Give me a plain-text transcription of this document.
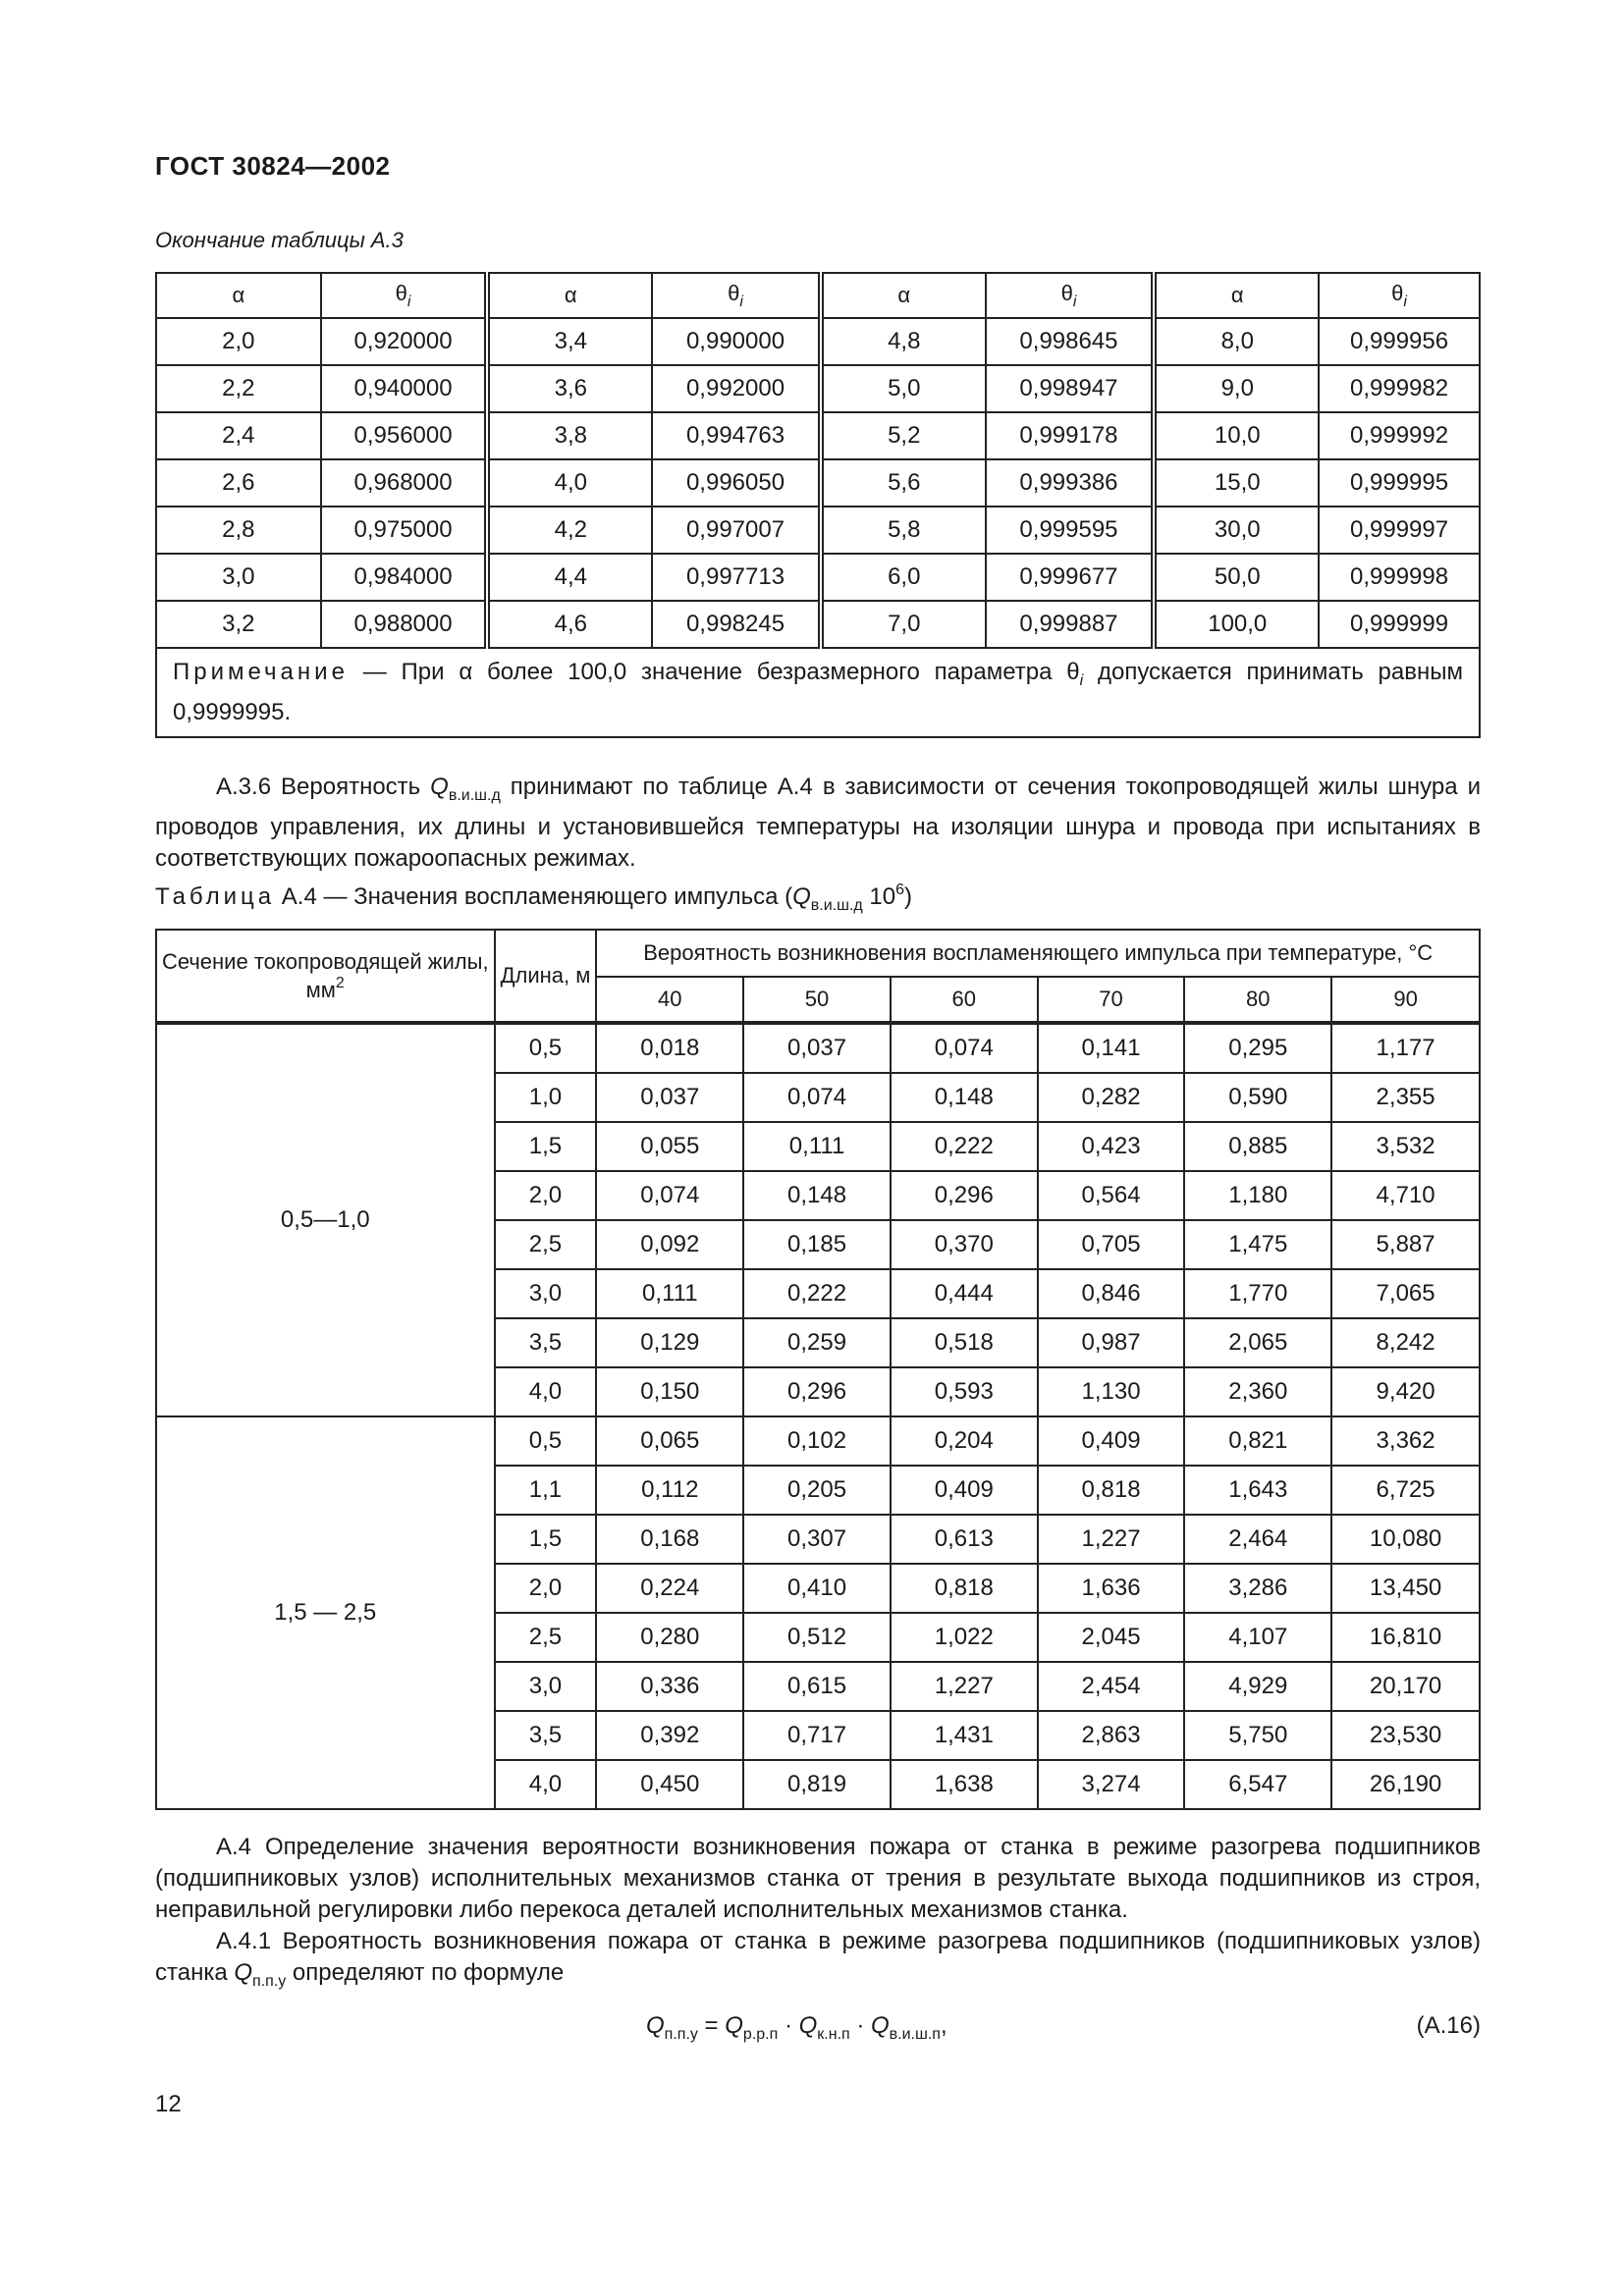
ГОСТ 30824—2002
Окончание таблицы А.3
α	$\theta_i$	α	$\theta_i$	α	$\theta_i$	α	$\theta_i$
2,0	0,920000	3,4	0,990000	4,8	0,998645	8,0	0,999956
2,2	0,940000	3,6	0,992000	5,0	0,998947	9,0	0,999982
2,4	0,956000	3,8	0,994763	5,2	0,999178	10,0	0,999992
2,6	0,968000	4,0	0,996050	5,6	0,999386	15,0	0,999995
2,8	0,975000	4,2	0,997007	5,8	0,999595	30,0	0,999997
3,0	0,984000	4,4	0,997713	6,0	0,999677	50,0	0,999998
3,2	0,988000	4,6	0,998245	7,0	0,999887	100,0	0,999999
Примечание — При α более 100,0 значение безразмерного параметра $\theta_i$ допускается принимать равным 0,9999995.							
А.3.6 Вероятность $Q_{в.и.ш.д}$ принимают по таблице А.4 в зависимости от сечения токопроводящей жилы шнура и проводов управления, их длины и установившейся температуры на изоляции шнура и провода при испытаниях в соответствующих пожароопасных режимах.
Таблица А.4 — Значения воспламеняющего импульса ($Q_{в.и.ш.д}$ $10^6$)
Сечение токопроводящей жилы, $мм^2$	Длина, м	Вероятность возникновения воспламеняющего импульса при температуре, °С					
		40	50	60	70	80	90
0,5—1,0	0,5	0,018	0,037	0,074	0,141	0,295	1,177
	1,0	0,037	0,074	0,148	0,282	0,590	2,355
	1,5	0,055	0,111	0,222	0,423	0,885	3,532
	2,0	0,074	0,148	0,296	0,564	1,180	4,710
	2,5	0,092	0,185	0,370	0,705	1,475	5,887
	3,0	0,111	0,222	0,444	0,846	1,770	7,065
	3,5	0,129	0,259	0,518	0,987	2,065	8,242
	4,0	0,150	0,296	0,593	1,130	2,360	9,420
1,5 — 2,5	0,5	0,065	0,102	0,204	0,409	0,821	3,362
	1,1	0,112	0,205	0,409	0,818	1,643	6,725
	1,5	0,168	0,307	0,613	1,227	2,464	10,080
	2,0	0,224	0,410	0,818	1,636	3,286	13,450
	2,5	0,280	0,512	1,022	2,045	4,107	16,810
	3,0	0,336	0,615	1,227	2,454	4,929	20,170
	3,5	0,392	0,717	1,431	2,863	5,750	23,530
	4,0	0,450	0,819	1,638	3,274	6,547	26,190
А.4 Определение значения вероятности возникновения пожара от станка в режиме разогрева подшипников (подшипниковых узлов) исполнительных механизмов станка от трения в результате выхода подшипников из строя, неправильной регулировки либо перекоса деталей исполнительных механизмов станка.
А.4.1 Вероятность возникновения пожара от станка в режиме разогрева подшипников (подшипниковых узлов) станка $Q_{п.п.у}$ определяют по формуле
$Q_{п.п.у} = Q_{р.р.п} \cdot Q_{к.н.п} \cdot Q_{в.и.ш.п}$,	(А.16)
12
